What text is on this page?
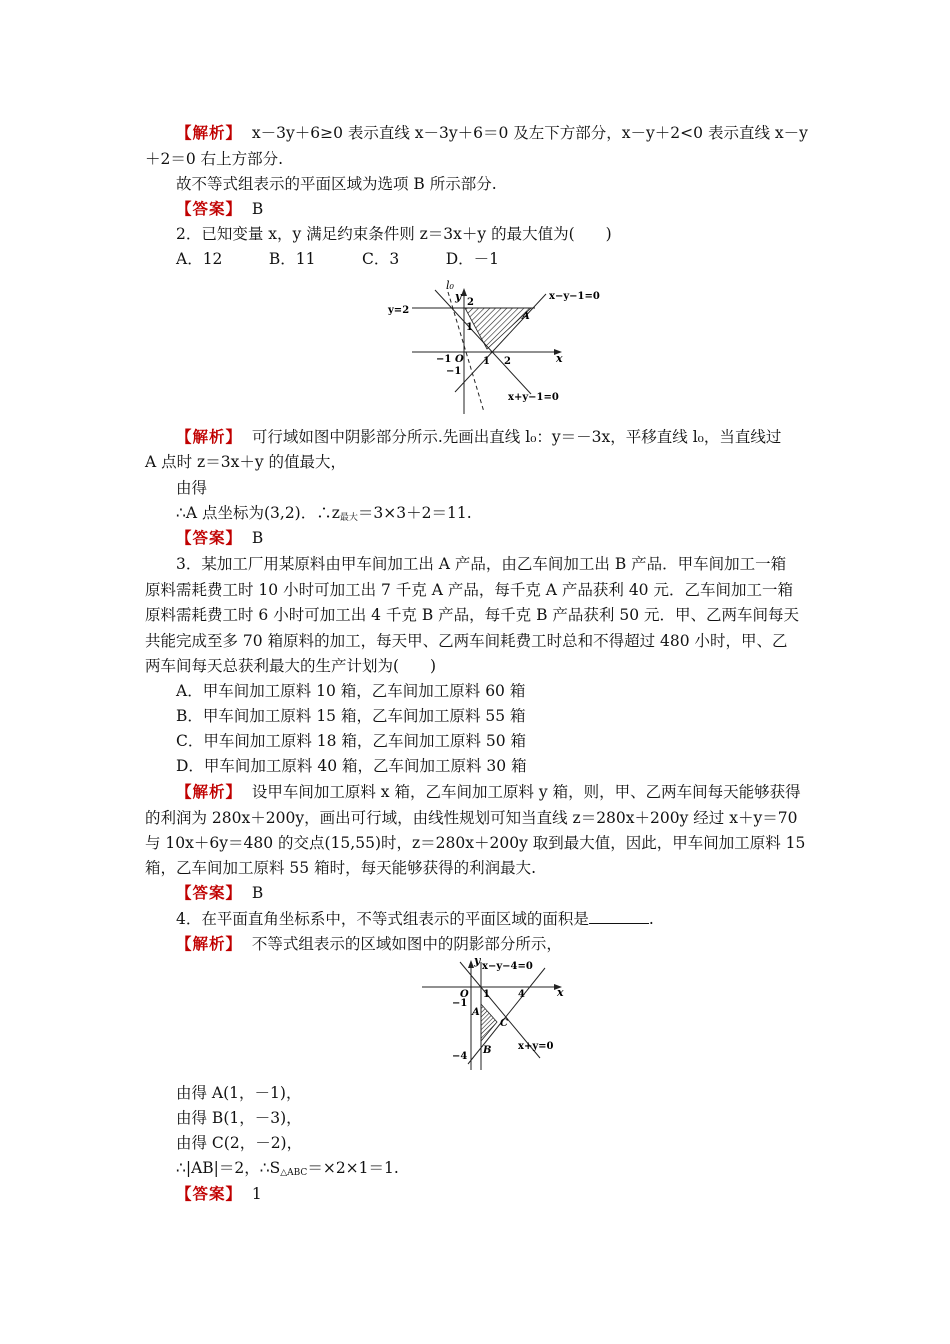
【解析】 x－3y＋6≥0 表示直线 x－3y＋6＝0 及左下方部分，x－y＋2<0 表示直线 x－y
＋2＝0 右上方部分.
故不等式组表示的平面区域为选项 B 所示部分.
【答案】 B
2．已知变量 x，y 满足约束条件则 z＝3x＋y 的最大值为(　　)
A．12　　　B．11　　　C．3　　　D．－1
l₀
y
x
x−y−1=0
x+y−1=0
y=2
A
O
2
1
−1
−1	1 2
【解析】 可行域如图中阴影部分所示.先画出直线 l₀：y＝－3x，平移直线 l₀，当直线过
A 点时 z＝3x＋y 的值最大，
由得
∴A 点坐标为(3,2)．$\therefore z_{最大}=3\times 3+2=11$.
【答案】 B
3．某加工厂用某原料由甲车间加工出 A 产品，由乙车间加工出 B 产品．甲车间加工一箱
原料需耗费工时 10 小时可加工出 7 千克 A 产品，每千克 A 产品获利 40 元．乙车间加工一箱
原料需耗费工时 6 小时可加工出 4 千克 B 产品，每千克 B 产品获利 50 元．甲、乙两车间每天
共能完成至多 70 箱原料的加工，每天甲、乙两车间耗费工时总和不得超过 480 小时，甲、乙
两车间每天总获利最大的生产计划为(　　)
A．甲车间加工原料 10 箱，乙车间加工原料 60 箱
B．甲车间加工原料 15 箱，乙车间加工原料 55 箱
C．甲车间加工原料 18 箱，乙车间加工原料 50 箱
D．甲车间加工原料 40 箱，乙车间加工原料 30 箱
【解析】 设甲车间加工原料 x 箱，乙车间加工原料 y 箱，则，甲、乙两车间每天能够获得
的利润为 280x＋200y，画出可行域，由线性规划可知当直线 z＝280x＋200y 经过 x＋y＝70
与 10x＋6y＝480 的交点(15,55)时，z＝280x＋200y 取到最大值，因此，甲车间加工原料 15
箱，乙车间加工原料 55 箱时，每天能够获得的利润最大.
【答案】 B
4．在平面直角坐标系中，不等式组表示的平面区域的面积是	.
【解析】 不等式组表示的区域如图中的阴影部分所示，
y
x
x−y−4=0
x+y=0
O 1	4
−1
−4
A
B
C
由得 A(1，－1)，
由得 B(1，－3)，
由得 C(2，－2)，
∴|AB|＝2，$\therefore S_{\triangle ABC}=\times 2\times 1=1$.
【答案】 1
